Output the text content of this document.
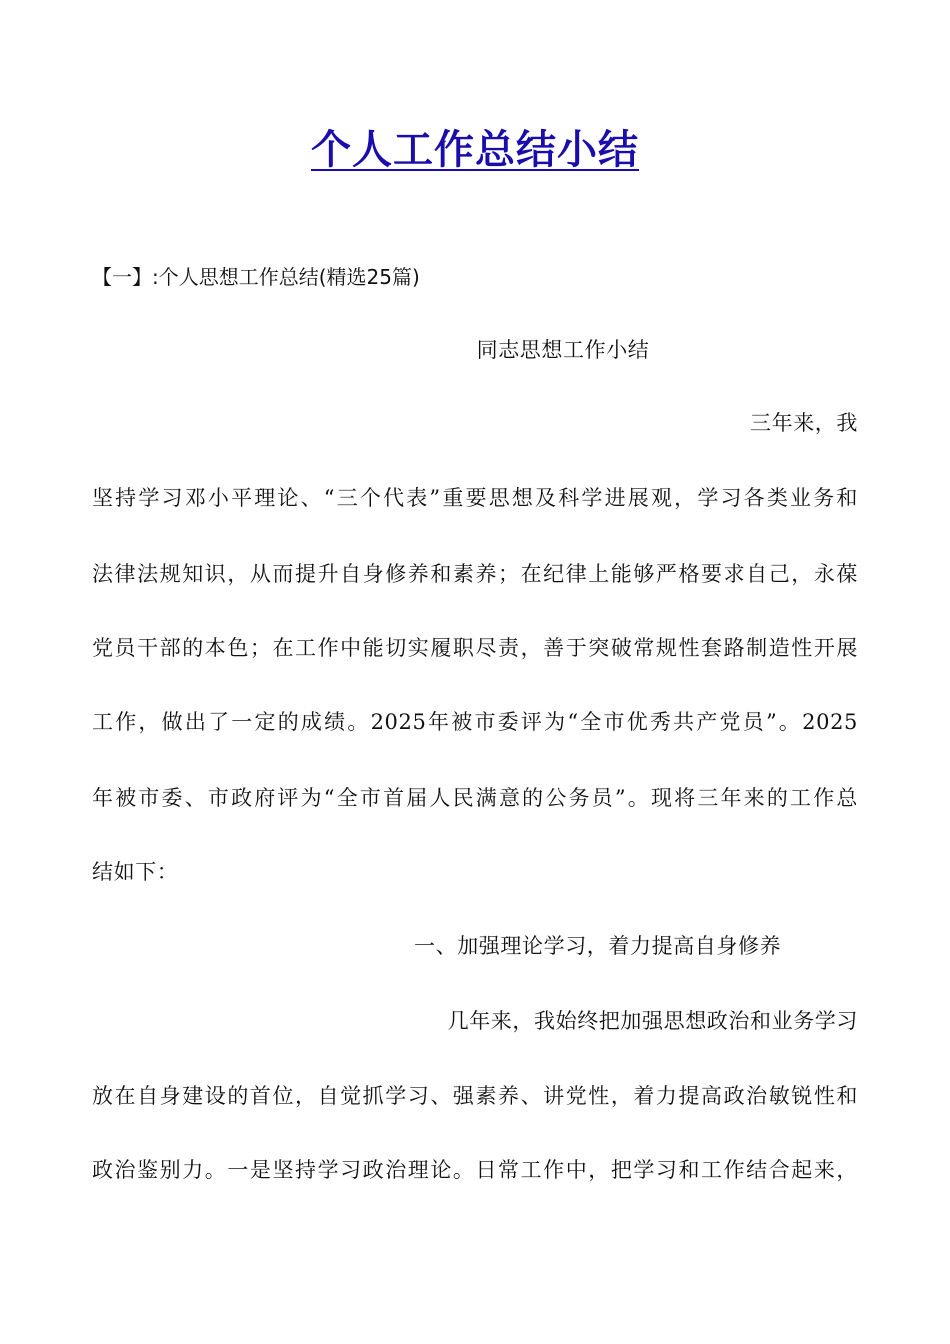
个人工作总结小结
【一】:个人思想工作总结(精选25篇)
同志思想工作小结
三年来，我
坚持学习邓小平理论、“三个代表”重要思想及科学进展观，学习各类业务和
法律法规知识，从而提升自身修养和素养；在纪律上能够严格要求自己，永葆
党员干部的本色；在工作中能切实履职尽责，善于突破常规性套路制造性开展
工作，做出了一定的成绩。2025年被市委评为“全市优秀共产党员”。2025
年被市委、市政府评为“全市首届人民满意的公务员”。现将三年来的工作总
结如下：
一、加强理论学习，着力提高自身修养
几年来，我始终把加强思想政治和业务学习
放在自身建设的首位，自觉抓学习、强素养、讲党性，着力提高政治敏锐性和
政治鉴别力。一是坚持学习政治理论。日常工作中，把学习和工作结合起来，
